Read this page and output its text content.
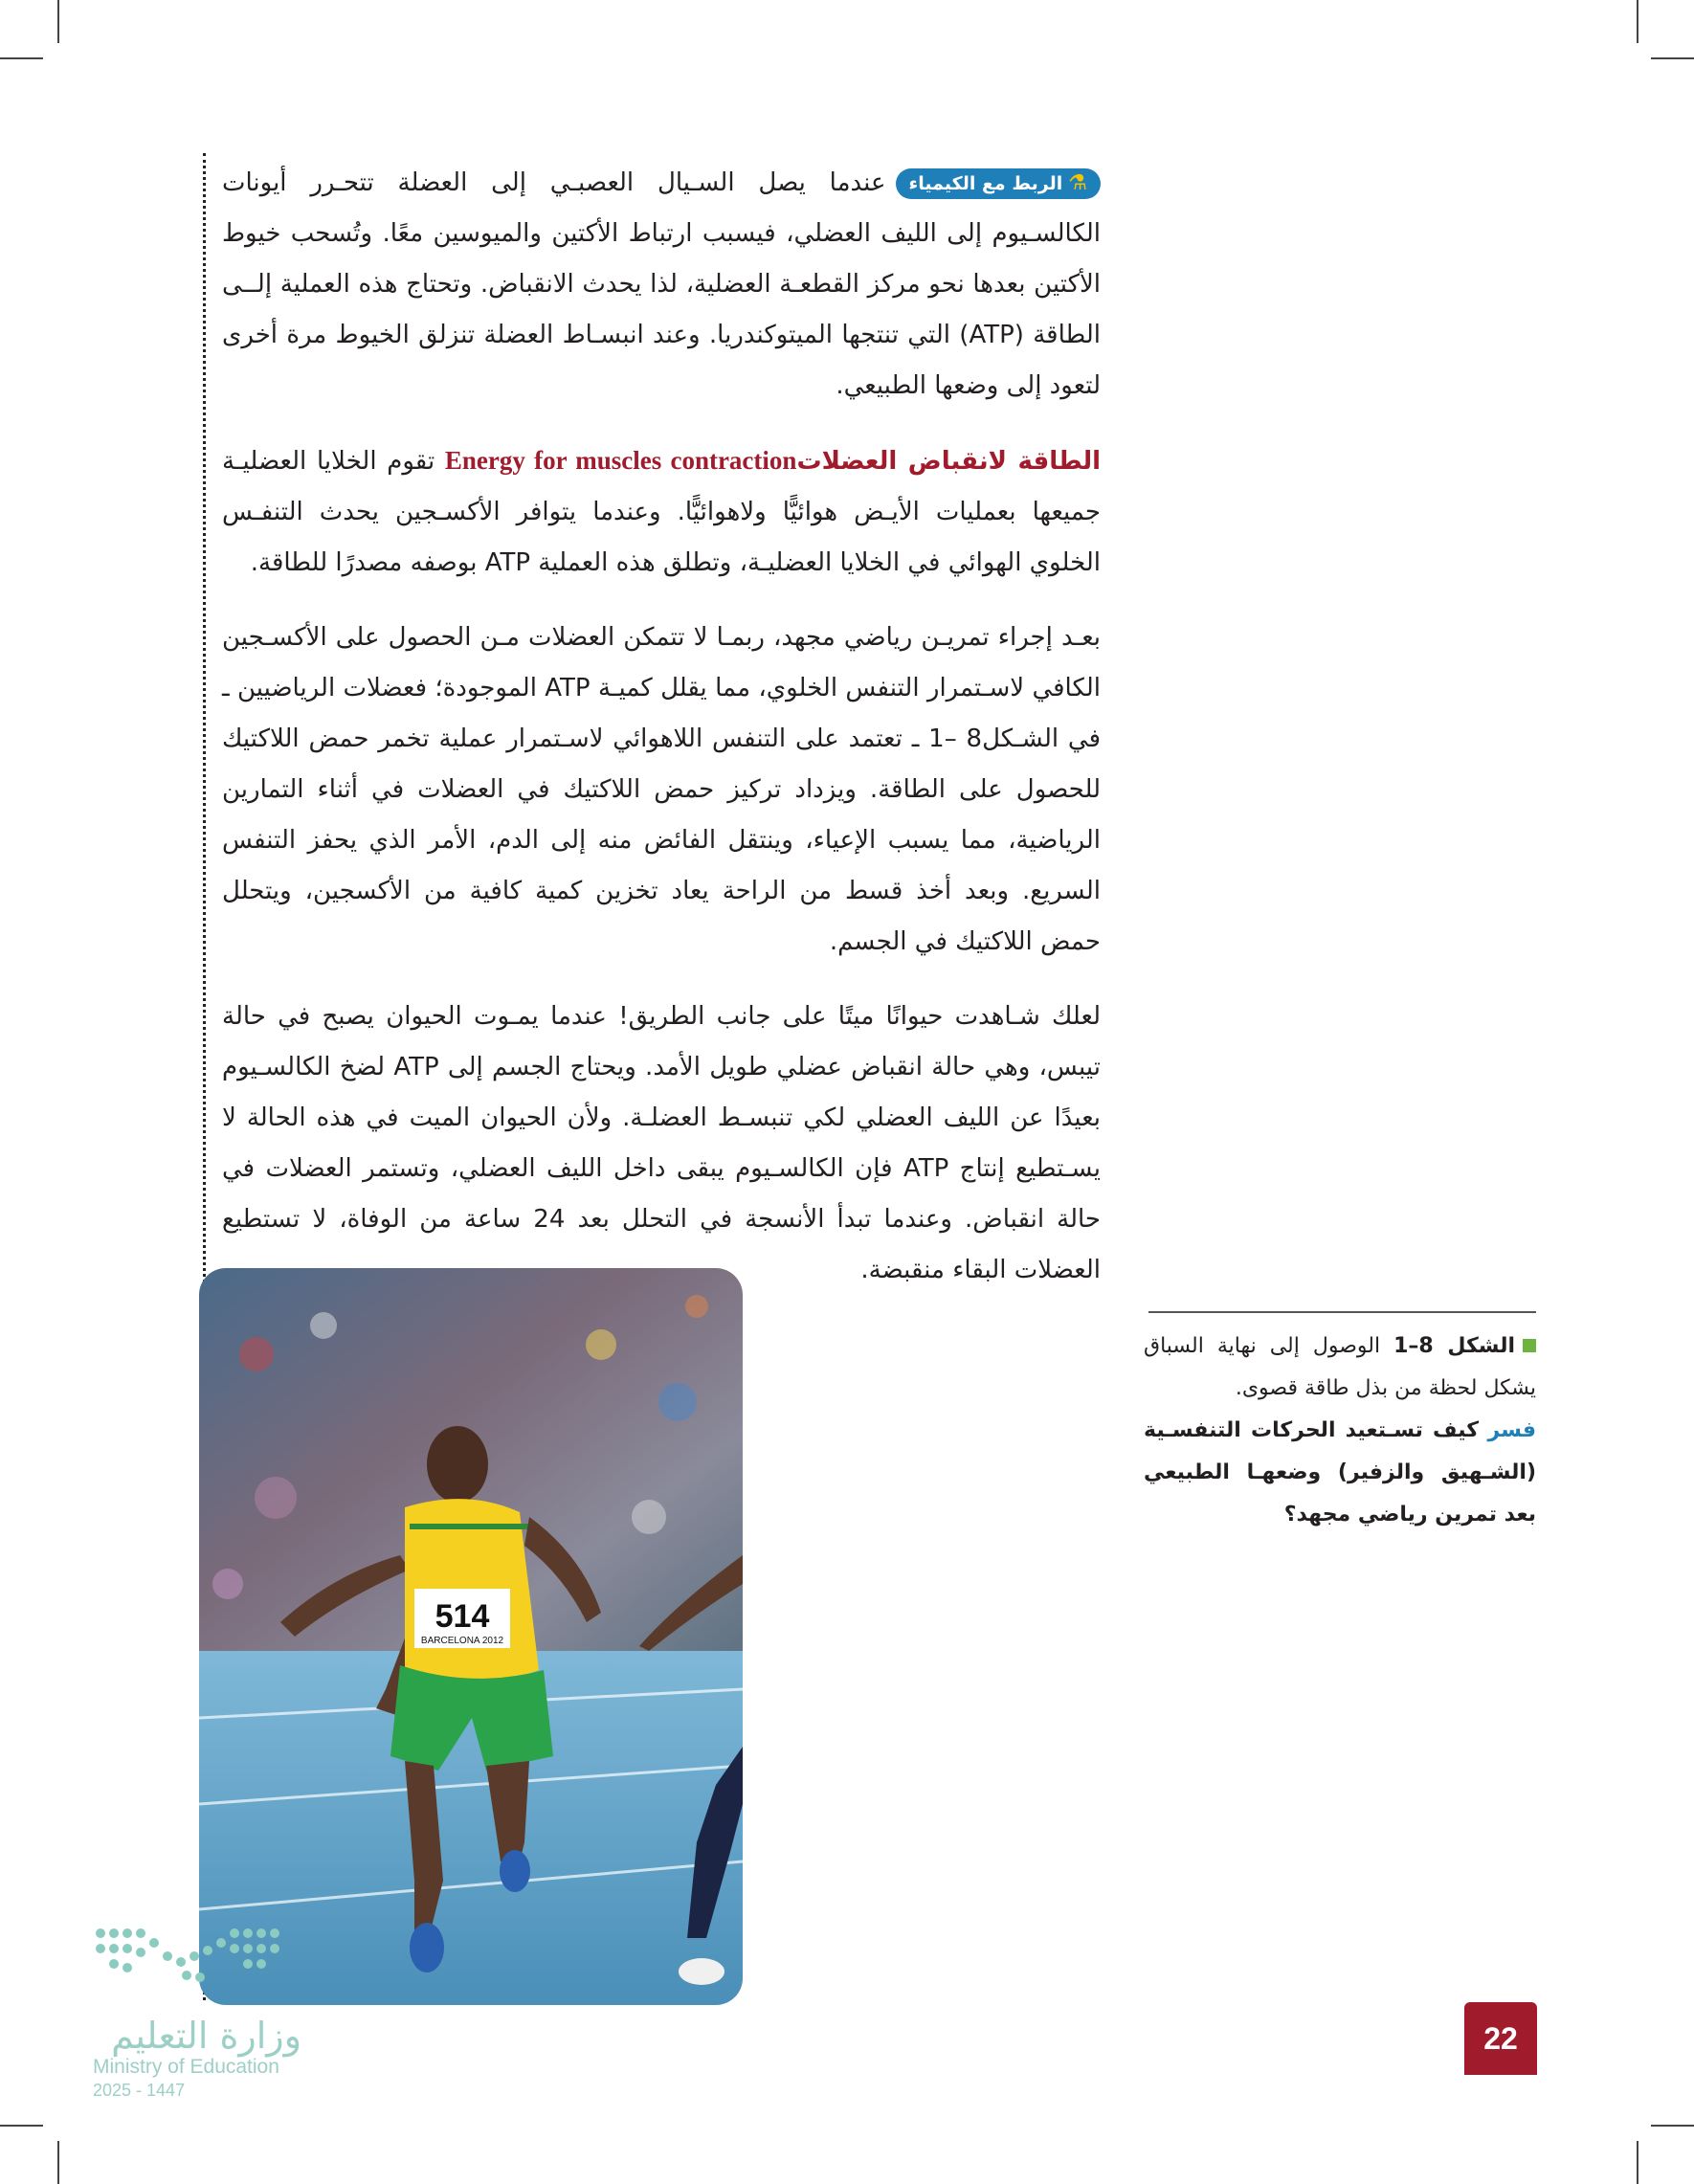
⚗
الربط مع الكيمياء
عندما يصل السـيال العصبـي إلى العضلة تتحـرر أيونات الكالسـيوم إلى الليف العضلي، فيسبب ارتباط الأكتين والميوسين معًا. وتُسحب خيوط الأكتين بعدها نحو مركز القطعـة العضلية، لذا يحدث الانقباض. وتحتاج هذه العملية إلــى الطاقة (ATP) التي تنتجها الميتوكندريا. وعند انبسـاط العضلة تنزلق الخيوط مرة أخرى لتعود إلى وضعها الطبيعي.

الطاقة لانقباض العضلاتEnergy for muscles contraction تقوم الخلايا العضليـة جميعها بعمليات الأيـض هوائيًّا ولاهوائيًّا. وعندما يتوافر الأكسـجين يحدث التنفـس الخلوي الهوائي في الخلايا العضليـة، وتطلق هذه العملية ATP بوصفه مصدرًا للطاقة.

بعـد إجراء تمريـن رياضي مجهد، ربمـا لا تتمكن العضلات مـن الحصول على الأكسـجين الكافي لاسـتمرار التنفس الخلوي، مما يقلل كميـة ATP الموجودة؛ فعضلات الرياضيين ـ في الشـكل8 –1 ـ تعتمد على التنفس اللاهوائي لاسـتمرار عملية تخمر حمض اللاكتيك للحصول على الطاقة. ويزداد تركيز حمض اللاكتيك في العضلات في أثناء التمارين الرياضية، مما يسبب الإعياء، وينتقل الفائض منه إلى الدم، الأمر الذي يحفز التنفس السريع. وبعد أخذ قسط من الراحة يعاد تخزين كمية كافية من الأكسجين، ويتحلل حمض اللاكتيك في الجسم.

لعلك شـاهدت حيوانًا ميتًا على جانب الطريق! عندما يمـوت الحيوان يصبح في حالة تيبس، وهي حالة انقباض عضلي طويل الأمد. ويحتاج الجسم إلى ATP لضخ الكالسـيوم بعيدًا عن الليف العضلي لكي تنبسـط العضلـة. ولأن الحيوان الميت في هذه الحالة لا يسـتطيع إنتاج ATP فإن الكالسـيوم يبقى داخل الليف العضلي، وتستمر العضلات في حالة انقباض. وعندما تبدأ الأنسجة في التحلل بعد 24 ساعة من الوفاة، لا تستطيع العضلات البقاء منقبضة.

514
BARCELONA 2012
الشكل 8–1 الوصول إلى نهاية السباق يشكل لحظة من بذل طاقة قصوى.
فسر كيف تسـتعيد الحركات التنفسـية (الشـهيق والزفير) وضعهـا الطبيعي بعد تمرين رياضي مجهد؟
وزارة التعليم
Ministry of Education
2025 - 1447
22
